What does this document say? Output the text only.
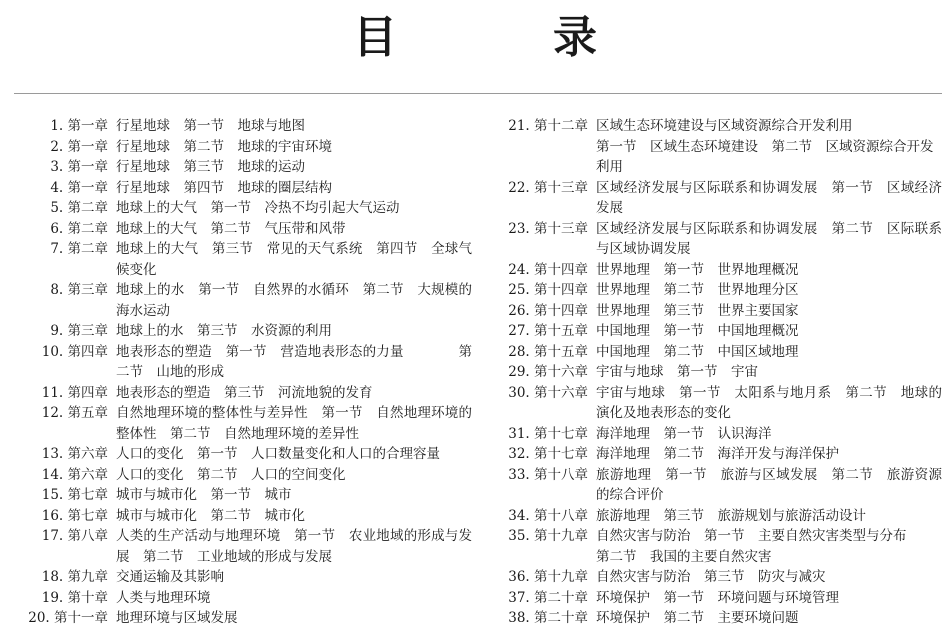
目　录
1. 第一章 行星地球　第一节　地球与地图
2. 第一章 行星地球　第二节　地球的宇宙环境
3. 第一章 行星地球　第三节　地球的运动
4. 第一章 行星地球　第四节　地球的圈层结构
5. 第二章 地球上的大气　第一节　冷热不均引起大气运动
6. 第二章 地球上的大气　第二节　气压带和风带
7. 第二章 地球上的大气　第三节　常见的天气系统　第四节　全球气候变化
8. 第三章 地球上的水　第一节　自然界的水循环　第二节　大规模的海水运动
9. 第三章 地球上的水　第三节　水资源的利用
10. 第四章 地表形态的塑造　第一节　营造地表形态的力量　　　　第二节　山地的形成
11. 第四章 地表形态的塑造　第三节　河流地貌的发育
12. 第五章 自然地理环境的整体性与差异性　第一节　自然地理环境的整体性　第二节　自然地理环境的差异性
13. 第六章 人口的变化　第一节　人口数量变化和人口的合理容量
14. 第六章 人口的变化　第二节　人口的空间变化
15. 第七章 城市与城市化　第一节　城市
16. 第七章 城市与城市化　第二节　城市化
17. 第八章 人类的生产活动与地理环境　第一节　农业地域的形成与发展　第二节　工业地域的形成与发展
18. 第九章 交通运输及其影响
19. 第十章 人类与地理环境
20. 第十一章 地理环境与区域发展
21. 第十二章 区域生态环境建设与区域资源综合开发利用
第一节　区域生态环境建设　第二节　区域资源综合开发利用
22. 第十三章 区域经济发展与区际联系和协调发展　第一节　区域经济发展
23. 第十三章 区域经济发展与区际联系和协调发展　第二节　区际联系与区域协调发展
24. 第十四章 世界地理　第一节　世界地理概况
25. 第十四章 世界地理　第二节　世界地理分区
26. 第十四章 世界地理　第三节　世界主要国家
27. 第十五章 中国地理　第一节　中国地理概况
28. 第十五章 中国地理　第二节　中国区域地理
29. 第十六章 宇宙与地球　第一节　宇宙
30. 第十六章 宇宙与地球　第一节　太阳系与地月系　第二节　地球的演化及地表形态的变化
31. 第十七章 海洋地理　第一节　认识海洋
32. 第十七章 海洋地理　第二节　海洋开发与海洋保护
33. 第十八章 旅游地理　第一节　旅游与区域发展　第二节　旅游资源的综合评价
34. 第十八章 旅游地理　第三节　旅游规划与旅游活动设计
35. 第十九章 自然灾害与防治　第一节　主要自然灾害类型与分布
第二节　我国的主要自然灾害
36. 第十九章 自然灾害与防治　第三节　防灾与减灾
37. 第二十章 环境保护　第一节　环境问题与环境管理
38. 第二十章 环境保护　第二节　主要环境问题
